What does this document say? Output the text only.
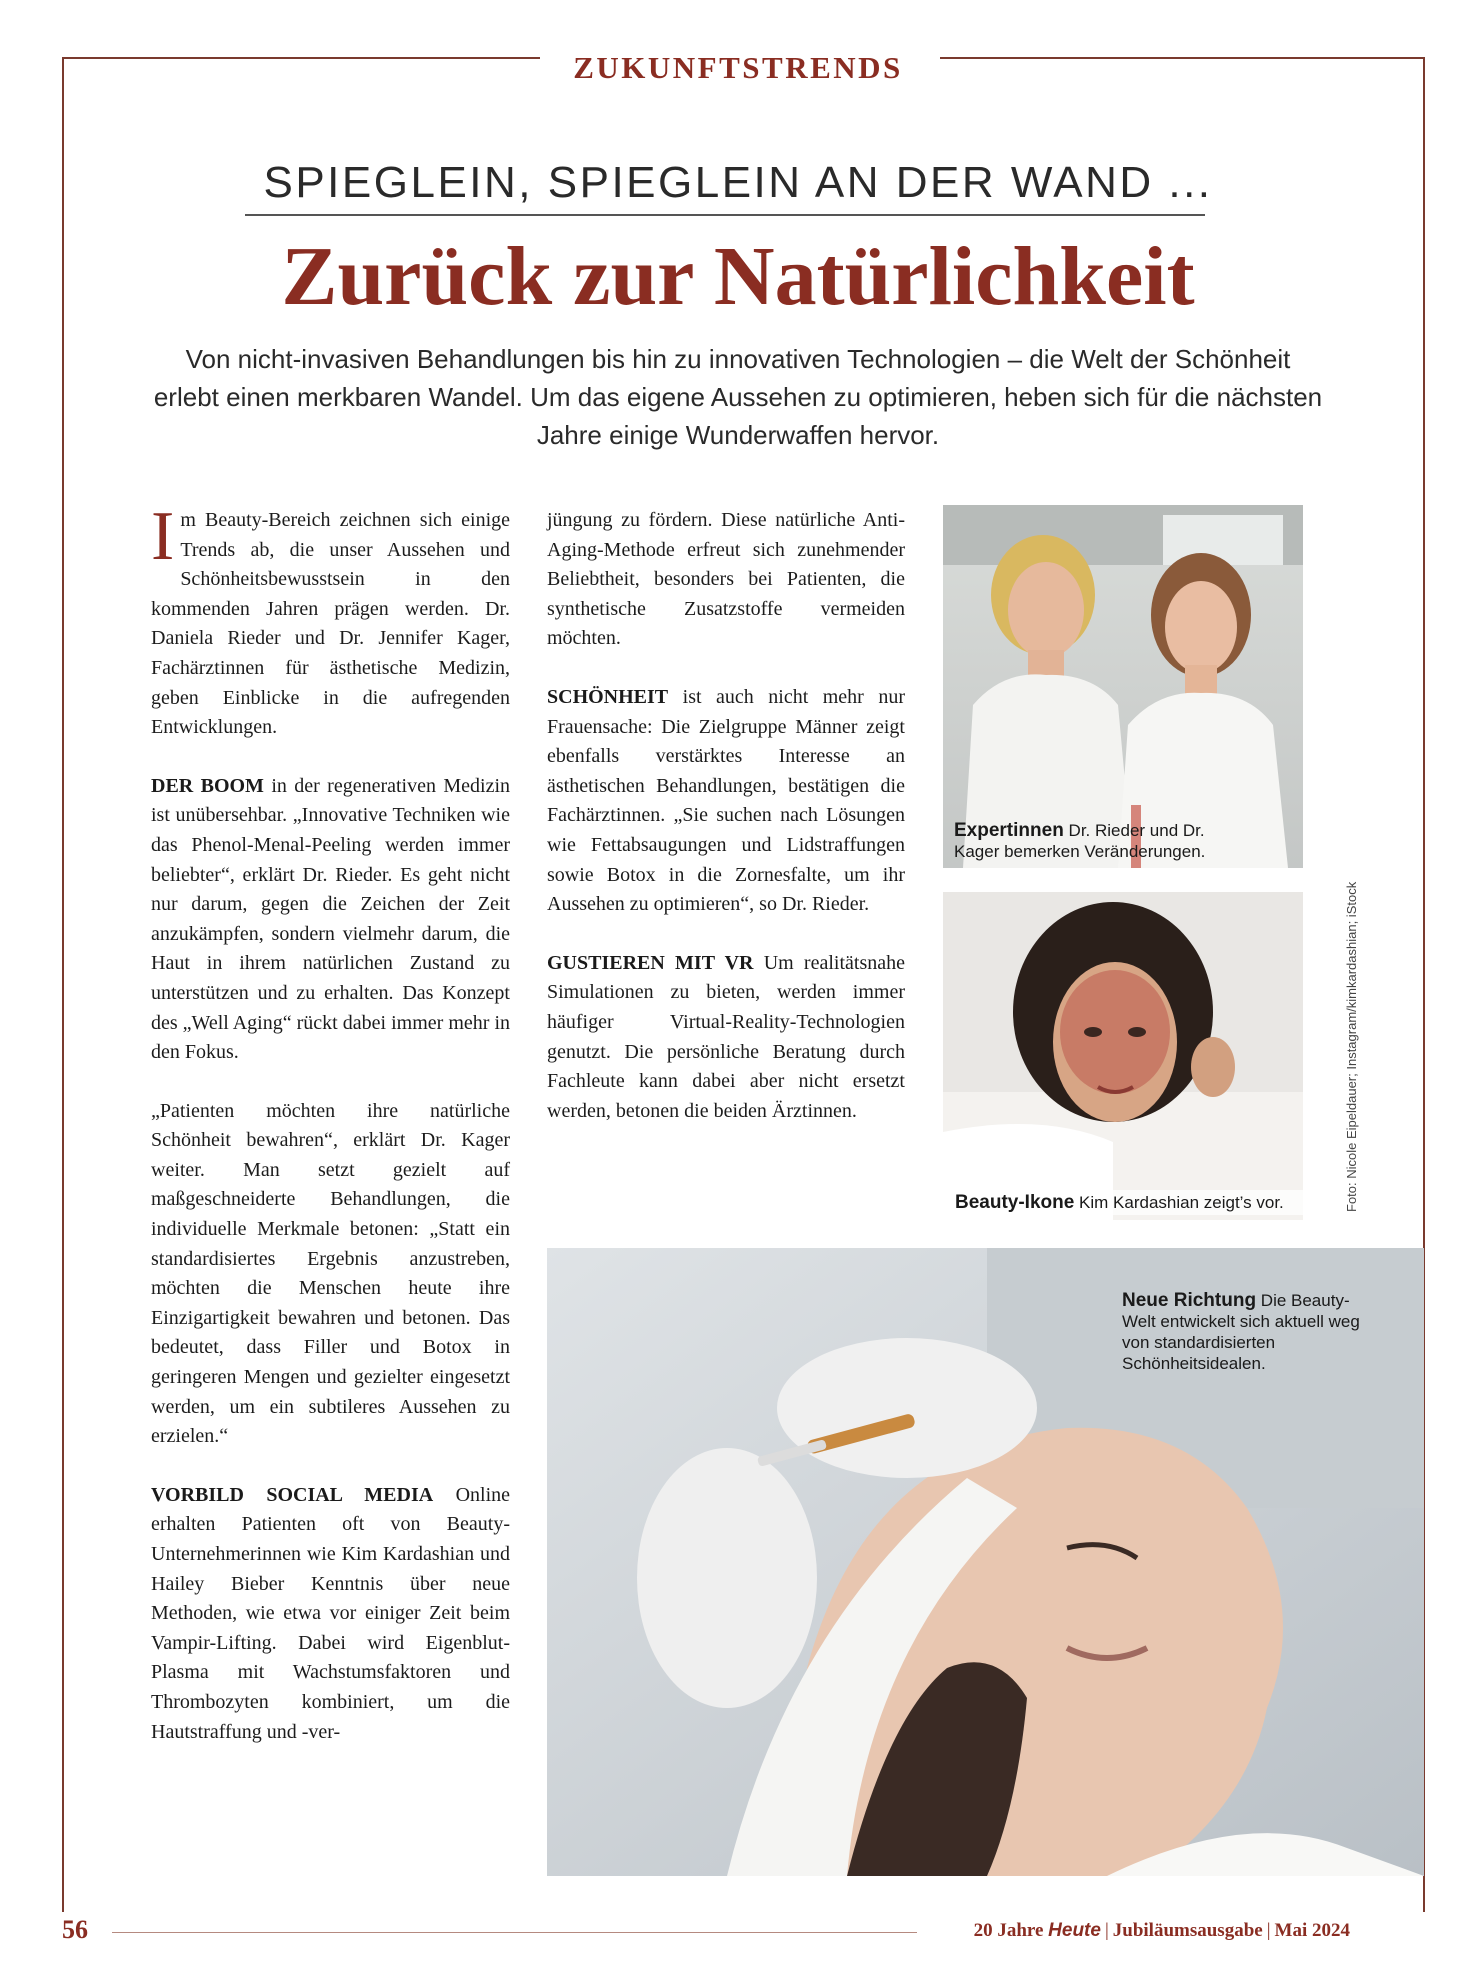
ZUKUNFTSTRENDS
SPIEGLEIN, SPIEGLEIN AN DER WAND ...
Zurück zur Natürlichkeit
Von nicht-invasiven Behandlungen bis hin zu innovativen Technologien – die Welt der Schönheit erlebt einen merkbaren Wandel. Um das eigene Aussehen zu optimieren, heben sich für die nächsten Jahre einige Wunderwaffen hervor.

Im Beauty-Bereich zeichnen sich einige Trends ab, die unser Aussehen und Schönheitsbewusstsein in den kommenden Jahren prägen werden. Dr. Daniela Rieder und Dr. Jennifer Kager, Fachärztinnen für ästhetische Medizin, geben Einblicke in die aufregenden Entwicklungen.

DER BOOM in der regenerativen Medizin ist unübersehbar. „Innovative Techniken wie das Phenol-Menal-Peeling werden immer beliebter“, erklärt Dr. Rieder. Es geht nicht nur darum, gegen die Zeichen der Zeit anzukämpfen, sondern vielmehr darum, die Haut in ihrem natürlichen Zustand zu unterstützen und zu erhalten. Das Konzept des „Well Aging“ rückt dabei immer mehr in den Fokus.

„Patienten möchten ihre natürliche Schönheit bewahren“, erklärt Dr. Kager weiter. Man setzt gezielt auf maßgeschneiderte Behandlungen, die individuelle Merkmale betonen: „Statt ein standardisiertes Ergebnis anzustreben, möchten die Menschen heute ihre Einzigartigkeit bewahren und betonen. Das bedeutet, dass Filler und Botox in geringeren Mengen und gezielter eingesetzt werden, um ein subtileres Aussehen zu erzielen.“

VORBILD SOCIAL MEDIA Online erhalten Patienten oft von Beauty-Unternehmerinnen wie Kim Kardashian und Hailey Bieber Kenntnis über neue Methoden, wie etwa vor einiger Zeit beim Vampir-Lifting. Dabei wird Eigenblut-Plasma mit Wachstumsfaktoren und Thrombozyten kombiniert, um die Hautstraffung und -ver-

jüngung zu fördern. Diese natürliche Anti-Aging-Methode erfreut sich zunehmender Beliebtheit, besonders bei Patienten, die synthetische Zusatzstoffe vermeiden möchten.

SCHÖNHEIT ist auch nicht mehr nur Frauensache: Die Zielgruppe Männer zeigt ebenfalls verstärktes Interesse an ästhetischen Behandlungen, bestätigen die Fachärztinnen. „Sie suchen nach Lösungen wie Fettabsaugungen und Lidstraffungen sowie Botox in die Zornesfalte, um ihr Aussehen zu optimieren“, so Dr. Rieder.

GUSTIEREN MIT VR Um realitätsnahe Simulationen zu bieten, werden immer häufiger Virtual-Reality-Technologien genutzt. Die persönliche Beratung durch Fachleute kann dabei aber nicht ersetzt werden, betonen die beiden Ärztinnen.

Expertinnen Dr. Rieder und Dr. Kager bemerken Veränderungen.
Beauty-Ikone Kim Kardashian zeigt’s vor.	Foto: Nicole Eipeldauer; Instagram/kimkardashian; iStock
Neue Richtung Die Beauty-Welt entwickelt sich aktuell weg von standardisierten Schönheitsidealen.
56	20 Jahre Heute | Jubiläumsausgabe | Mai 2024
